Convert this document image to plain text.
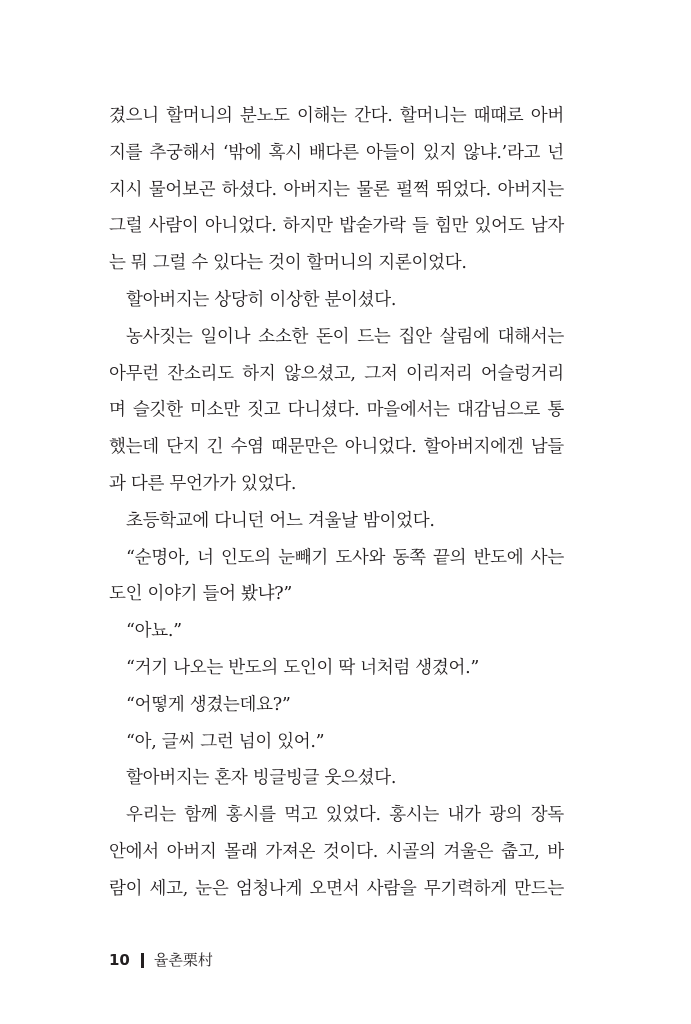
겼으니 할머니의 분노도 이해는 간다. 할머니는 때때로 아버
지를 추궁해서 ‘밖에 혹시 배다른 아들이 있지 않냐.’라고 넌
지시 물어보곤 하셨다. 아버지는 물론 펄쩍 뛰었다. 아버지는
그럴 사람이 아니었다. 하지만 밥숟가락 들 힘만 있어도 남자
는 뭐 그럴 수 있다는 것이 할머니의 지론이었다.
할아버지는 상당히 이상한 분이셨다.
농사짓는 일이나 소소한 돈이 드는 집안 살림에 대해서는
아무런 잔소리도 하지 않으셨고, 그저 이리저리 어슬렁거리
며 슬깃한 미소만 짓고 다니셨다. 마을에서는 대감님으로 통
했는데 단지 긴 수염 때문만은 아니었다. 할아버지에겐 남들
과 다른 무언가가 있었다.
초등학교에 다니던 어느 겨울날 밤이었다.
“순명아, 너 인도의 눈빼기 도사와 동쪽 끝의 반도에 사는
도인 이야기 들어 봤냐?”
“아뇨.”
“거기 나오는 반도의 도인이 딱 너처럼 생겼어.”
“어떻게 생겼는데요?”
“아, 글씨 그런 넘이 있어.”
할아버지는 혼자 빙글빙글 웃으셨다.
우리는 함께 홍시를 먹고 있었다. 홍시는 내가 광의 장독
안에서 아버지 몰래 가져온 것이다. 시골의 겨울은 춥고, 바
람이 세고, 눈은 엄청나게 오면서 사람을 무기력하게 만드는
10 율촌栗村
